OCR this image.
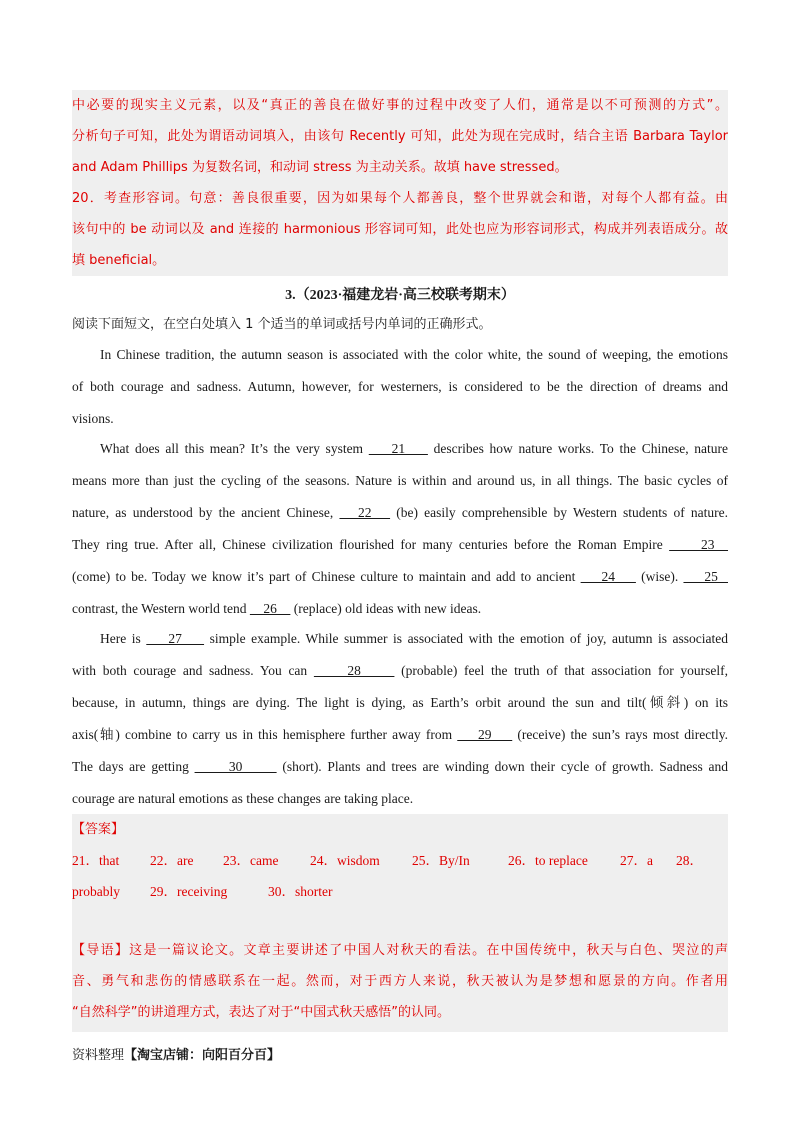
中必要的现实主义元素，以及“真正的善良在做好事的过程中改变了人们，通常是以不可预测的方式”。
分析句子可知，此处为谓语动词填入，由该句 Recently 可知，此处为现在完成时，结合主语 Barbara Taylor
and Adam Phillips 为复数名词，和动词 stress 为主动关系。故填 have stressed。
20．考查形容词。句意：善良很重要，因为如果每个人都善良，整个世界就会和谐，对每个人都有益。由
该句中的 be 动词以及 and 连接的 harmonious 形容词可知，此处也应为形容词形式，构成并列表语成分。故
填 beneficial。
3.（2023·福建龙岩·高三校联考期末）
阅读下面短文，在空白处填入 1 个适当的单词或括号内单词的正确形式。
In Chinese tradition, the autumn season is associated with the color white, the sound of weeping, the emotions
of both courage and sadness. Autumn, however, for westerners, is considered to be the direction of dreams and
visions.
What does all this mean? It’s the very system     21     describes how nature works. To the Chinese, nature
means more than just the cycling of the seasons. Nature is within and around us, in all things. The basic cycles of
nature, as understood by the ancient Chinese,    22    (be) easily comprehensible by Western students of nature.
They ring true. After all, Chinese civilization flourished for many centuries before the Roman Empire      23
(come) to be. Today we know it’s part of Chinese culture to maintain and add to ancient     24     (wise).     25
contrast, the Western world tend     26     (replace) old ideas with new ideas.
Here is     27     simple example. While summer is associated with the emotion of joy, autumn is associated
with both courage and sadness. You can      28      (probable) feel the truth of that association for yourself,
because, in autumn, things are dying. The light is dying, as Earth’s orbit around the sun and tilt(倾斜) on its
axis(轴) combine to carry us in this hemisphere further away from     29     (receive) the sun’s rays most directly.
The days are getting       30       (short). Plants and trees are winding down their cycle of growth. Sadness and
courage are natural emotions as these changes are taking place.
【答案】
21．that 22．are 23．came 24．wisdom 25．By/In	26．to replace 27．a 28．
probably 29．receiving	30．shorter
【导语】这是一篇议论文。文章主要讲述了中国人对秋天的看法。在中国传统中，秋天与白色、哭泣的声
音、勇气和悲伤的情感联系在一起。然而，对于西方人来说，秋天被认为是梦想和愿景的方向。作者用
“自然科学”的讲道理方式，表达了对于“中国式秋天感悟”的认同。
资料整理【淘宝店铺：向阳百分百】
